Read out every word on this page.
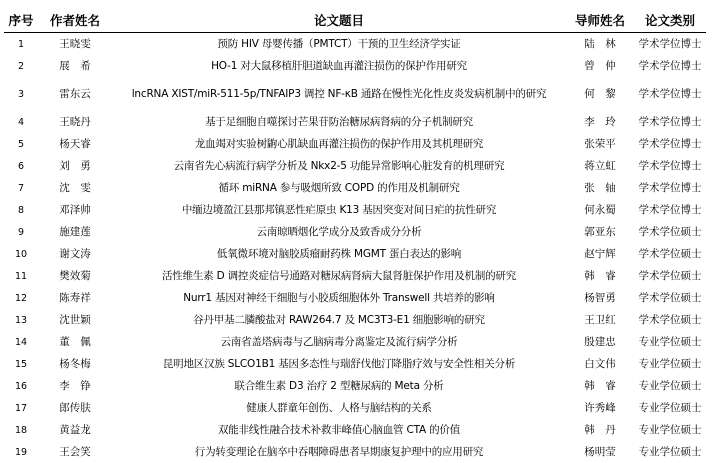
序号	作者姓名	论文题目	导师姓名	论文类别
1	王晓雯	预防 HIV 母婴传播（PMTCT）干预的卫生经济学实证	陆　林	学术学位博士
2	展　希	HO-1 对大鼠移植肝胆道缺血再灌注损伤的保护作用研究	曾　仲	学术学位博士
3	雷东云	lncRNA XIST/miR-511-5p/TNFAIP3 调控 NF-κB 通路在慢性光化性皮炎发病机制中的研究	何　黎	学术学位博士
4	王晓丹	基于足细胞自噬探讨芒果苷防治糖尿病肾病的分子机制研究	李　玲	学术学位博士
5	杨天睿	龙血竭对实验树鼩心肌缺血再灌注损伤的保护作用及其机理研究	张荣平	学术学位博士
6	刘　勇	云南省先心病流行病学分析及 Nkx2-5 功能异常影响心脏发育的机理研究	蒋立虹	学术学位博士
7	沈　雯	循环 miRNA 参与吸烟所致 COPD 的作用及机制研究	张　轴	学术学位博士
8	邓泽帅	中缅边境盈江县那邦镇恶性疟原虫 K13 基因突变对间日疟的抗性研究	何永蜀	学术学位博士
9	施建莲	云南晾晒烟化学成分及致香成分分析	郭亚东	学术学位硕士
10	谢文涛	低氧微环境对脑胶质瘤耐药株 MGMT 蛋白表达的影响	赵宁辉	学术学位硕士
11	樊效菊	活性维生素 D 调控炎症信号通路对糖尿病肾病大鼠肾脏保护作用及机制的研究	韩　睿	学术学位硕士
12	陈寿祥	Nurr1 基因对神经干细胞与小胶质细胞体外 Transwell 共培养的影响	杨智勇	学术学位硕士
13	沈世颖	谷丹甲基二膦酸盐对 RAW264.7 及 MC3T3-E1 细胞影响的研究	王卫红	学术学位硕士
14	董　佩	云南省盖塔病毒与乙脑病毒分离鉴定及流行病学分析	殷建忠	专业学位硕士
15	杨冬梅	昆明地区汉族 SLCO1B1 基因多态性与瑞舒伐他汀降脂疗效与安全性相关分析	白文伟	专业学位硕士
16	李　铮	联合维生素 D3 治疗 2 型糖尿病的 Meta 分析	韩　睿	专业学位硕士
17	郎传肤	健康人群童年创伤、人格与脑结构的关系	许秀峰	专业学位硕士
18	黄益龙	双能非线性融合技术补救非峰值心脑血管 CTA 的价值	韩　丹	专业学位硕士
19	王会笑	行为转变理论在脑卒中吞咽障碍患者早期康复护理中的应用研究	杨明莹	专业学位硕士
